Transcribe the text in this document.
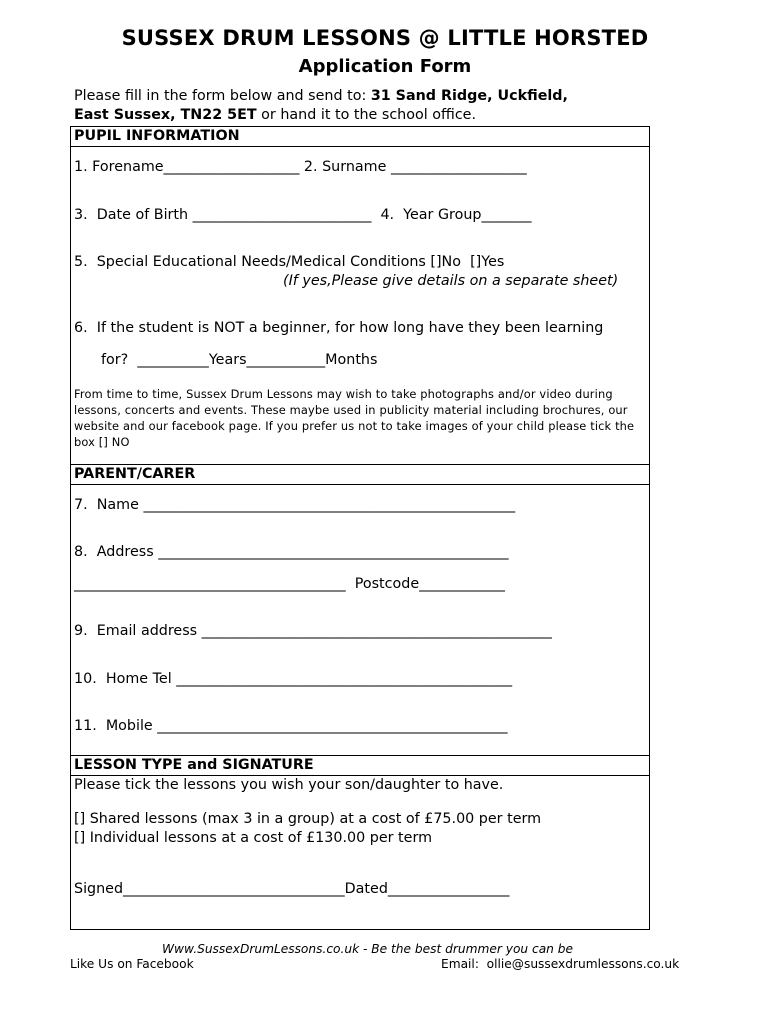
SUSSEX DRUM LESSONS @ LITTLE HORSTED
Application Form
Please fill in the form below and send to: 31 Sand Ridge, Uckfield,
East Sussex, TN22 5ET or hand it to the school office.
PUPIL INFORMATION
1. Forename___________________ 2. Surname ___________________
3.  Date of Birth _________________________  4.  Year Group_______
5.  Special Educational Needs/Medical Conditions []No  []Yes
(If yes,Please give details on a separate sheet)
6.  If the student is NOT a beginner, for how long have they been learning
for?  __________Years___________Months
From time to time, Sussex Drum Lessons may wish to take photographs and/or video during lessons, concerts and events. These maybe used in publicity material including brochures, our website and our facebook page. If you prefer us not to take images of your child please tick the box [] NO
PARENT/CARER
7.  Name ____________________________________________________
8.  Address _________________________________________________
______________________________________  Postcode____________
9.  Email address _________________________________________________
10.  Home Tel _______________________________________________
11.  Mobile _________________________________________________
LESSON TYPE and SIGNATURE
Please tick the lessons you wish your son/daughter to have.
[] Shared lessons (max 3 in a group) at a cost of £75.00 per term
[] Individual lessons at a cost of £130.00 per term
Signed_______________________________Dated_________________
Www.SussexDrumLessons.co.uk - Be the best drummer you can be
Like Us on Facebook	Email:  ollie@sussexdrumlessons.co.uk
